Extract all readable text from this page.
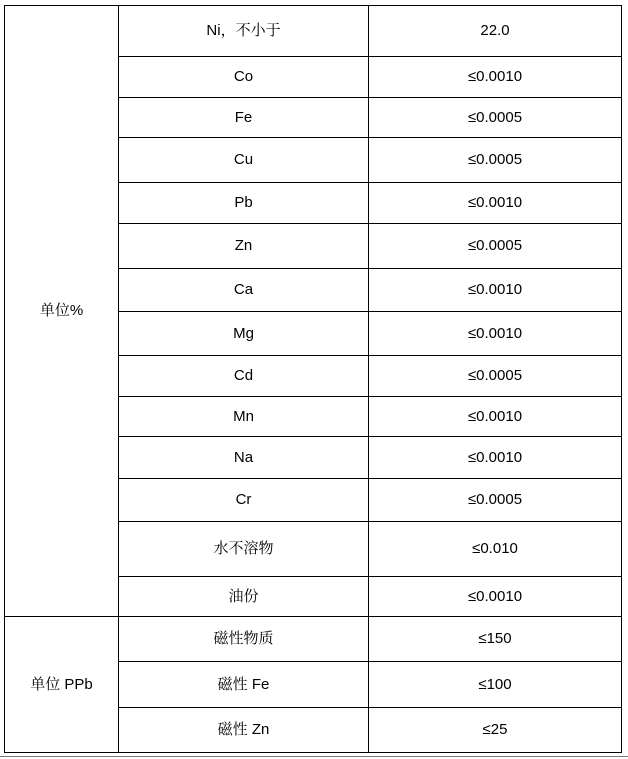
单位%	Ni，不小于	22.0
	Co	≤0.0010
	Fe	≤0.0005
	Cu	≤0.0005
	Pb	≤0.0010
	Zn	≤0.0005
	Ca	≤0.0010
	Mg	≤0.0010
	Cd	≤0.0005
	Mn	≤0.0010
	Na	≤0.0010
	Cr	≤0.0005
	水不溶物	≤0.010
	油份	≤0.0010
单位 PPb	磁性物质	≤150
	磁性 Fe	≤100
	磁性 Zn	≤25
